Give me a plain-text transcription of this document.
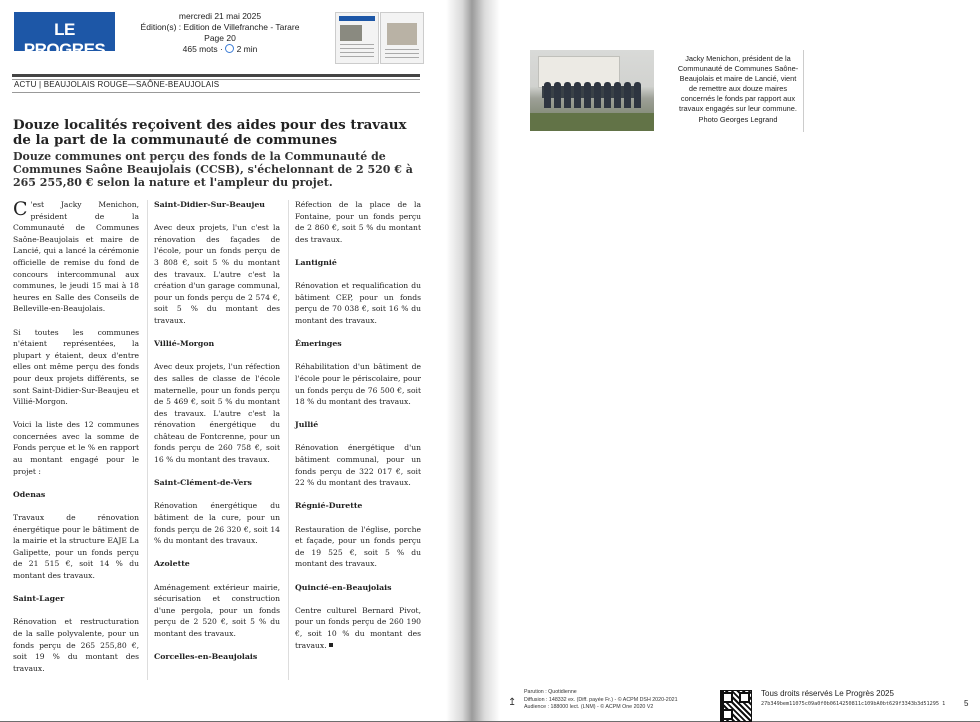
LE PROGRES
mercredi 21 mai 2025
Édition(s) : Edition de Villefranche - Tarare
Page 20
465 mots · 2 min
ACTU | BEAUJOLAIS ROUGE—SAÔNE-BEAUJOLAIS
Douze localités reçoivent des aides pour des travaux de la part de la communauté de communes

Douze communes ont perçu des fonds de la Communauté de Communes Saône Beaujolais (CCSB), s'échelonnant de 2 520 € à 265 255,80 € selon la nature et l'ampleur du projet.

C 'est Jacky Menichon, président de la Communauté de Communes Saône-Beaujolais et maire de Lancié, qui a lancé la cérémonie officielle de remise du fond de concours intercommunal aux communes, le jeudi 15 mai à 18 heures en Salle des Conseils de Belleville-en-Beaujolais.

Si toutes les communes n'étaient représentées, la plupart y étaient, deux d'entre elles ont même perçu des fonds pour deux projets différents, se sont Saint-Didier-Sur-Beaujeu et Villié-Morgon.

Voici la liste des 12 communes concernées avec la somme de Fonds perçue et le % en rapport au montant engagé pour le projet :

Odenas

Travaux de rénovation énergétique pour le bâtiment de la mairie et la structure EAJE La Galipette, pour un fonds perçu de 21 515 €, soit 14 % du montant des travaux.

Saint-Lager

Rénovation et restructuration de la salle polyvalente, pour un fonds perçu de 265 255,80 €, soit 19 % du montant des travaux.

Saint-Didier-Sur-Beaujeu

Avec deux projets, l'un c'est la rénovation des façades de l'école, pour un fonds perçu de 3 808 €, soit 5 % du montant des travaux. L'autre c'est la création d'un garage communal, pour un fonds perçu de 2 574 €, soit 5 % du montant des travaux.

Villié-Morgon

Avec deux projets, l'un réfection des salles de classe de l'école maternelle, pour un fonds perçu de 5 469 €, soit 5 % du montant des travaux. L'autre c'est la rénovation énergétique du château de Fontcrenne, pour un fonds perçu de 260 758 €, soit 16 % du montant des travaux.

Saint-Clément-de-Vers

Rénovation énergétique du bâtiment de la cure, pour un fonds perçu de 26 320 €, soit 14 % du montant des travaux.

Azolette

Aménagement extérieur mairie, sécurisation et construction d'une pergola, pour un fonds perçu de 2 520 €, soit 5 % du montant des travaux.

Corcelles-en-Beaujolais

Réfection de la place de la Fontaine, pour un fonds perçu de 2 860 €, soit 5 % du montant des travaux.

Lantignié

Rénovation et requalification du bâtiment CEP, pour un fonds perçu de 70 038 €, soit 16 % du montant des travaux.

Émeringes

Réhabilitation d'un bâtiment de l'école pour le périscolaire, pour un fonds perçu de 76 500 €, soit 18 % du montant des travaux.

Jullié

Rénovation énergétique d'un bâtiment communal, pour un fonds perçu de 322 017 €, soit 22 % du montant des travaux.

Régnié-Durette

Restauration de l'église, porche et façade, pour un fonds perçu de 19 525 €, soit 5 % du montant des travaux.

Quincié-en-Beaujolais

Centre culturel Bernard Pivot, pour un fonds perçu de 260 190 €, soit 10 % du montant des travaux.

Jacky Menichon, président de la Communauté de Communes Saône-Beaujolais et maire de Lancié, vient de remettre aux douze maires concernés le fonds par rapport aux travaux engagés sur leur commune. Photo Georges Legrand
↥
Parution : Quotidienne
Diffusion : 148332 ex. (Diff. payée Fr.) - © ACPM DSH 2020-2021
Audience : 188000 lect. (LNM) - © ACPM One 2020 V2
Tous droits réservés Le Progrès 2025
27b349bem11075c09a0f0b0614250811c109bA0bt629f3343b3d51295 1	5
